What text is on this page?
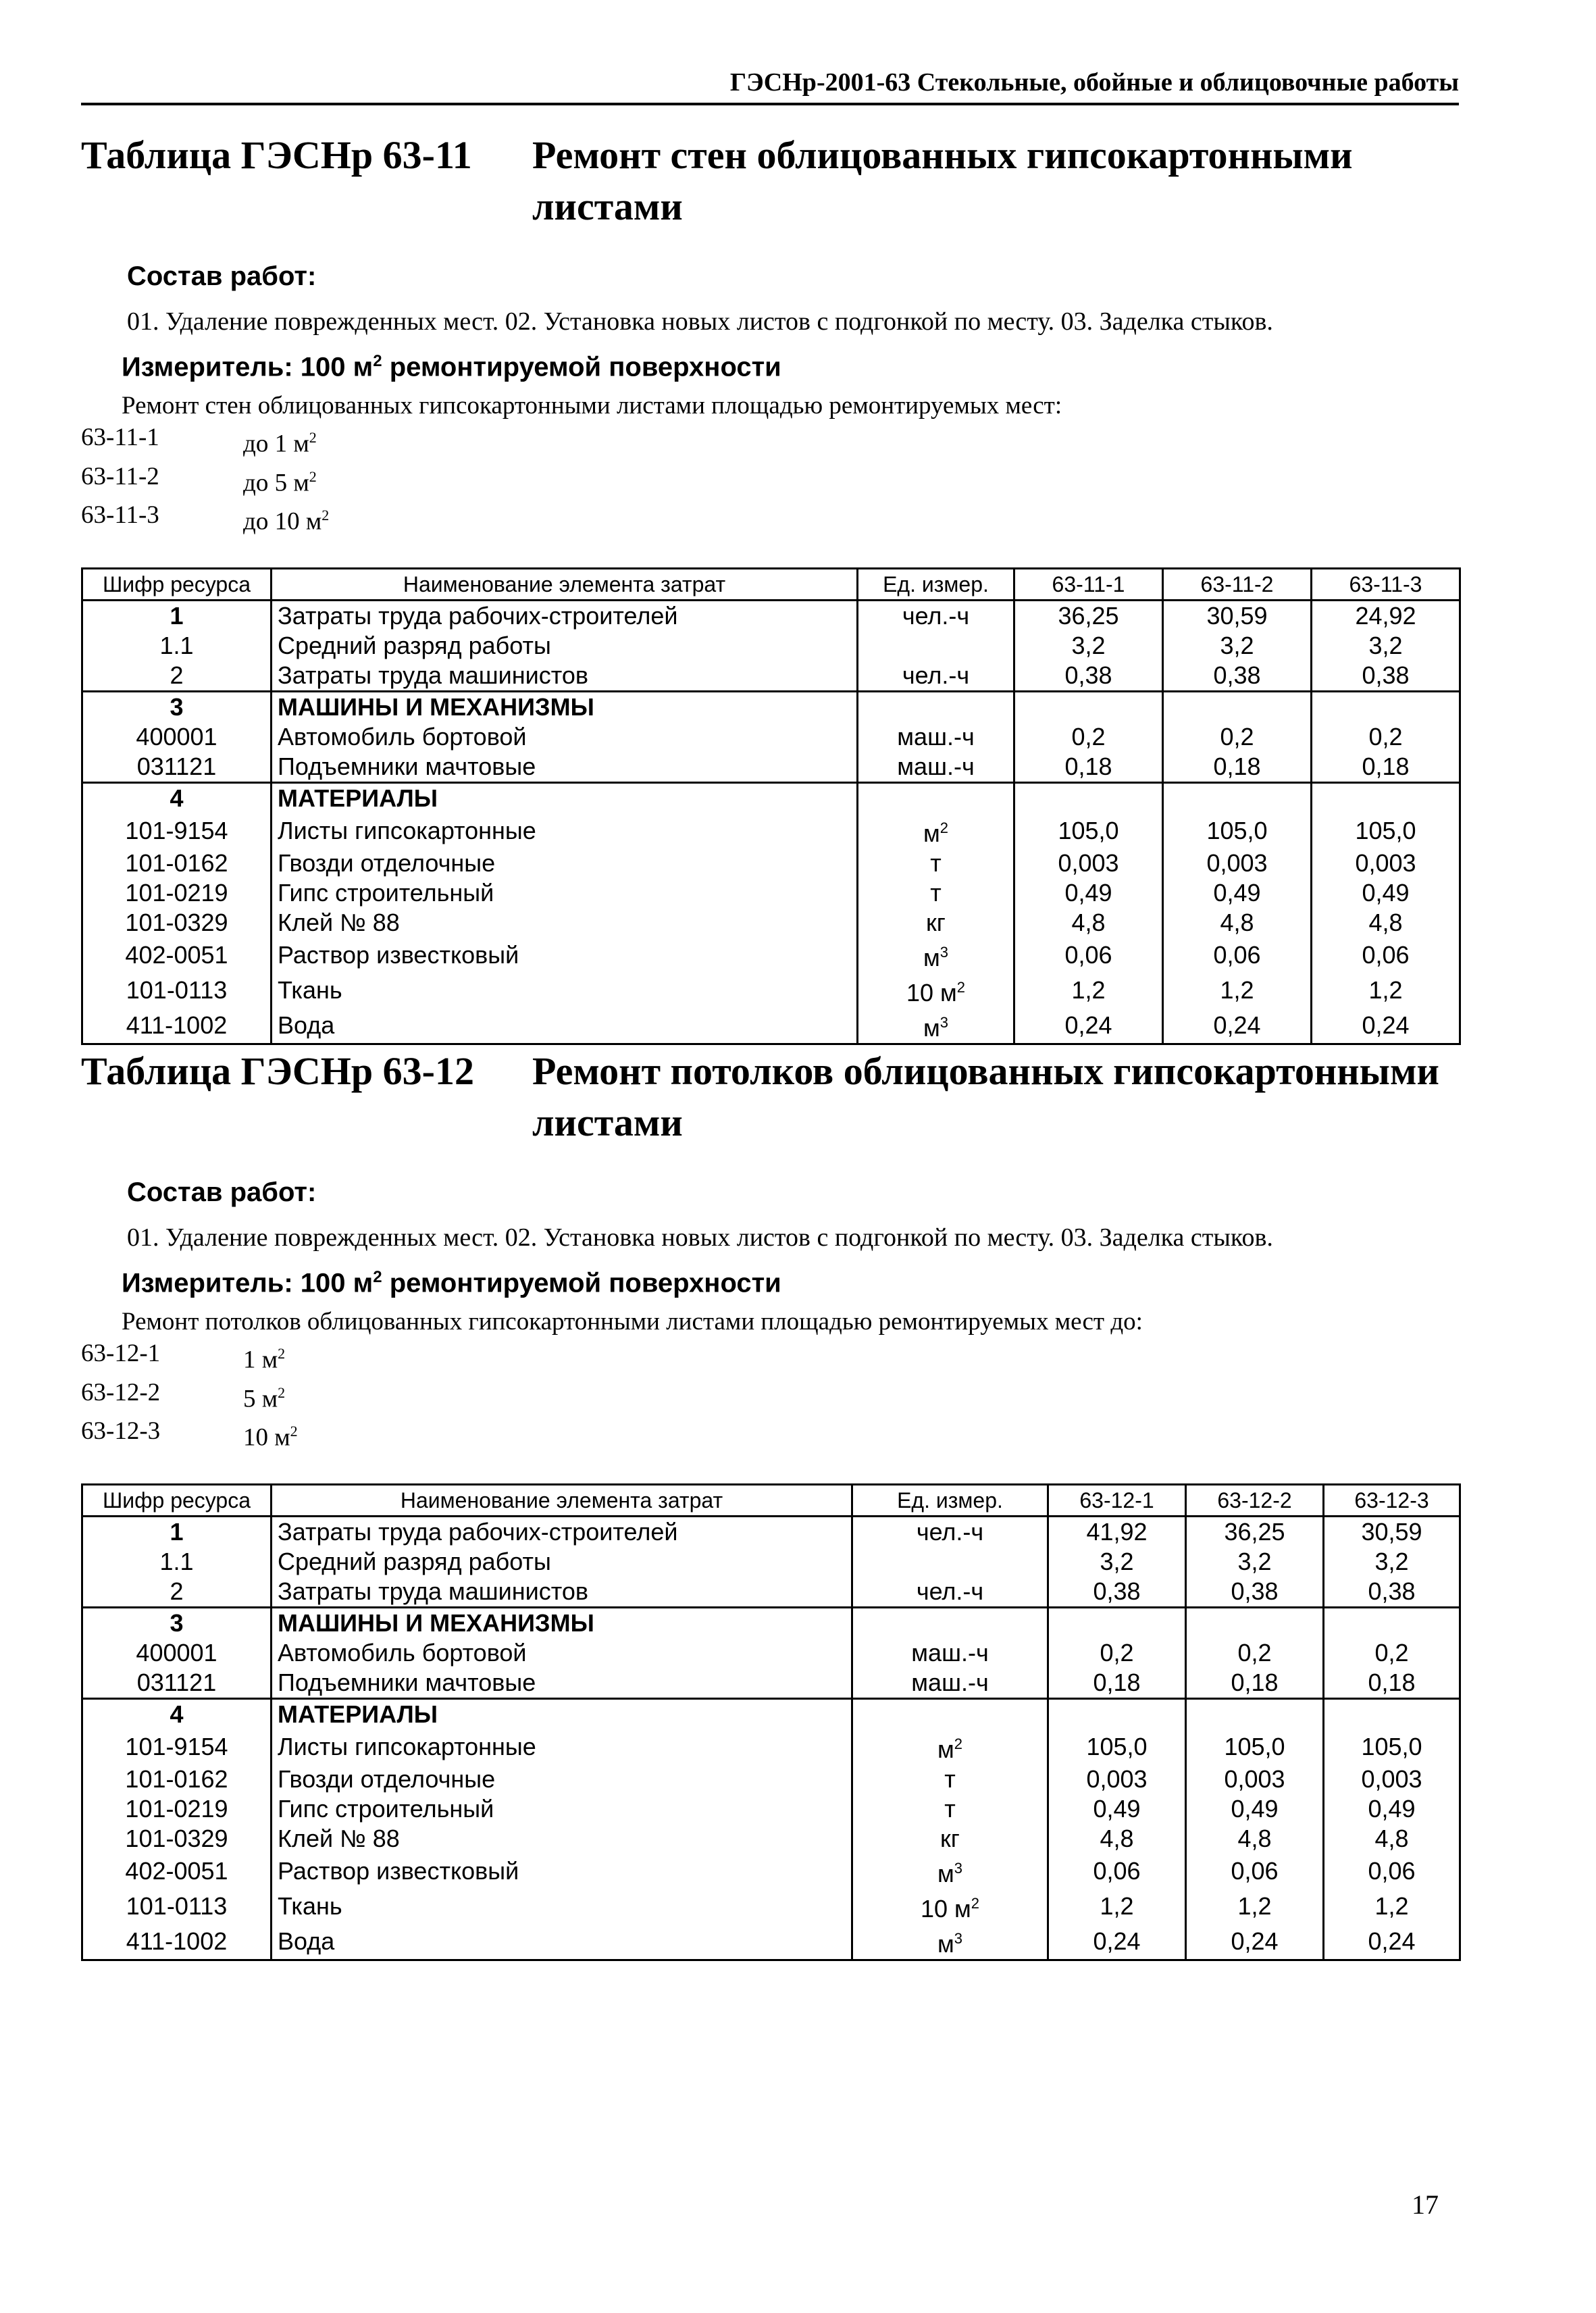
ГЭСНр-2001-63 Стекольные, обойные и облицовочные работы
Таблица ГЭСНр 63-11	Ремонт стен облицованных гипсокартонными листами
Состав работ:
01. Удаление поврежденных мест. 02. Установка новых листов с подгонкой по месту. 03. Заделка стыков.
Измеритель: 100 $м^2$ ремонтируемой поверхности
Ремонт стен облицованных гипсокартонными листами площадью ремонтируемых мест:
63-11-1	до 1 $м^2$
63-11-2	до 5 $м^2$
63-11-3	до 10 $м^2$
Шифр ресурса	Наименование элемента затрат	Ед. измер.	63-11-1	63-11-2	63-11-3
1	Затраты труда рабочих-строителей	чел.-ч	36,25	30,59	24,92
1.1	Средний разряд работы		3,2	3,2	3,2
2	Затраты труда машинистов	чел.-ч	0,38	0,38	0,38
3	МАШИНЫ И МЕХАНИЗМЫ				
400001	Автомобиль бортовой	маш.-ч	0,2	0,2	0,2
031121	Подъемники мачтовые	маш.-ч	0,18	0,18	0,18
4	МАТЕРИАЛЫ				
101-9154	Листы гипсокартонные	$м^2$	105,0	105,0	105,0
101-0162	Гвозди отделочные	т	0,003	0,003	0,003
101-0219	Гипс строительный	т	0,49	0,49	0,49
101-0329	Клей № 88	кг	4,8	4,8	4,8
402-0051	Раствор известковый	$м^3$	0,06	0,06	0,06
101-0113	Ткань	10 $м^2$	1,2	1,2	1,2
411-1002	Вода	$м^3$	0,24	0,24	0,24
Таблица ГЭСНр 63-12	Ремонт потолков облицованных гипсокартонными листами
Состав работ:
01. Удаление поврежденных мест. 02. Установка новых листов с подгонкой по месту. 03. Заделка стыков.
Измеритель: 100 $м^2$ ремонтируемой поверхности
Ремонт потолков облицованных гипсокартонными листами площадью ремонтируемых мест до:
63-12-1	1 $м^2$
63-12-2	5 $м^2$
63-12-3	10 $м^2$
Шифр ресурса	Наименование элемента затрат	Ед. измер.	63-12-1	63-12-2	63-12-3
1	Затраты труда рабочих-строителей	чел.-ч	41,92	36,25	30,59
1.1	Средний разряд работы		3,2	3,2	3,2
2	Затраты труда машинистов	чел.-ч	0,38	0,38	0,38
3	МАШИНЫ И МЕХАНИЗМЫ				
400001	Автомобиль бортовой	маш.-ч	0,2	0,2	0,2
031121	Подъемники мачтовые	маш.-ч	0,18	0,18	0,18
4	МАТЕРИАЛЫ				
101-9154	Листы гипсокартонные	$м^2$	105,0	105,0	105,0
101-0162	Гвозди отделочные	т	0,003	0,003	0,003
101-0219	Гипс строительный	т	0,49	0,49	0,49
101-0329	Клей № 88	кг	4,8	4,8	4,8
402-0051	Раствор известковый	$м^3$	0,06	0,06	0,06
101-0113	Ткань	10 $м^2$	1,2	1,2	1,2
411-1002	Вода	$м^3$	0,24	0,24	0,24
17
